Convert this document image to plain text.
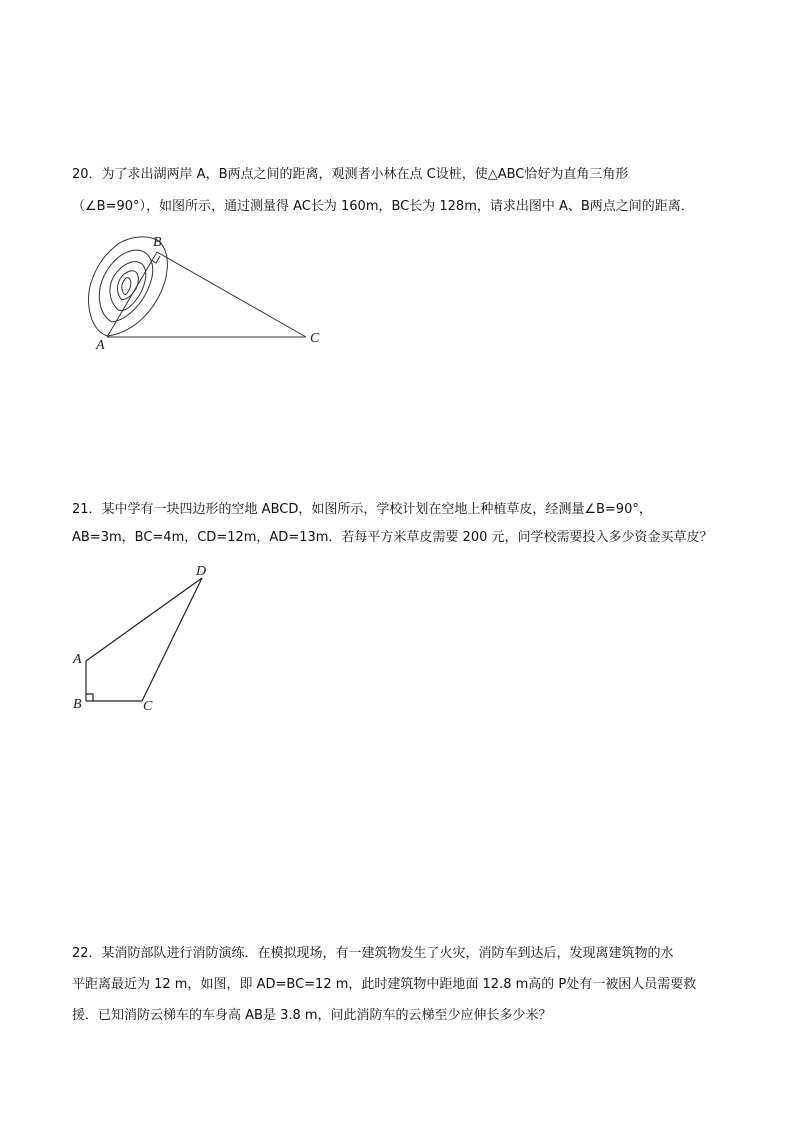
20．为了求出湖两岸 A，B两点之间的距离，观测者小林在点 C设桩，使△ABC恰好为直角三角形
（∠B=90°），如图所示，通过测量得 AC长为 160m，BC长为 128m，请求出图中 A、B两点之间的距离．
A
B
C
A
B	C
D
21．某中学有一块四边形的空地 ABCD，如图所示，学校计划在空地上种植草皮，经测量∠B=90°，
AB=3m，BC=4m，CD=12m，AD=13m．若每平方米草皮需要 200 元，问学校需要投入多少资金买草皮？
22．某消防部队进行消防演练．在模拟现场，有一建筑物发生了火灾，消防车到达后，发现离建筑物的水
平距离最近为 12 m，如图，即 AD=BC=12 m，此时建筑物中距地面 12.8 m高的 P处有一被困人员需要救
援．已知消防云梯车的车身高 AB是 3.8 m，问此消防车的云梯至少应伸长多少米？
